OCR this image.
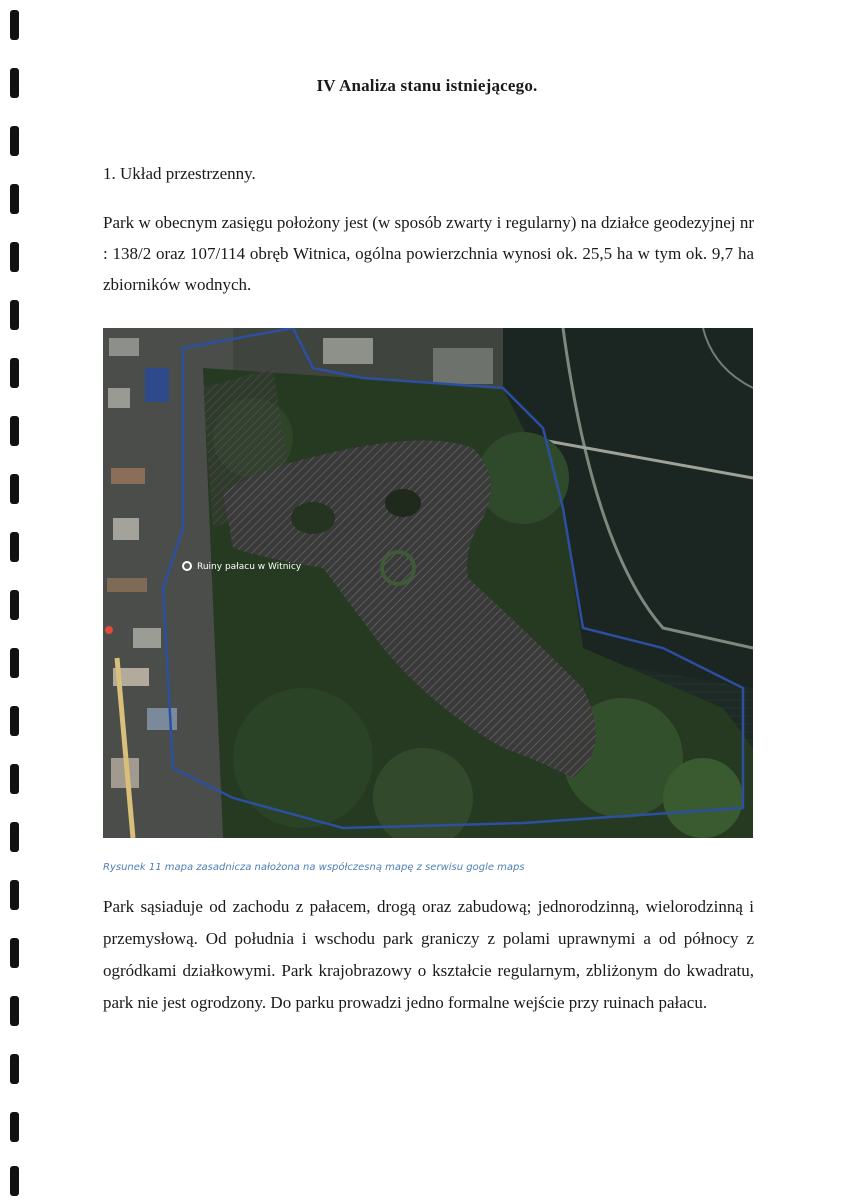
IV Analiza stanu istniejącego.
1. Układ przestrzenny.
Park w obecnym zasięgu położony jest (w sposób zwarty i regularny) na działce geodezyjnej nr : 138/2 oraz 107/114 obręb Witnica, ogólna powierzchnia wynosi ok. 25,5 ha w tym ok. 9,7 ha zbiorników wodnych.
Ruiny pałacu w Witnicy
Rysunek 11 mapa zasadnicza nałożona na współczesną mapę z serwisu gogle maps
Park sąsiaduje od zachodu z pałacem, drogą oraz zabudową; jednorodzinną, wielorodzinną i przemysłową. Od południa i wschodu park graniczy z polami uprawnymi a od północy z ogródkami działkowymi. Park krajobrazowy o kształcie regularnym, zbliżonym do kwadratu, park nie jest ogrodzony. Do parku prowadzi jedno formalne wejście przy ruinach pałacu.
